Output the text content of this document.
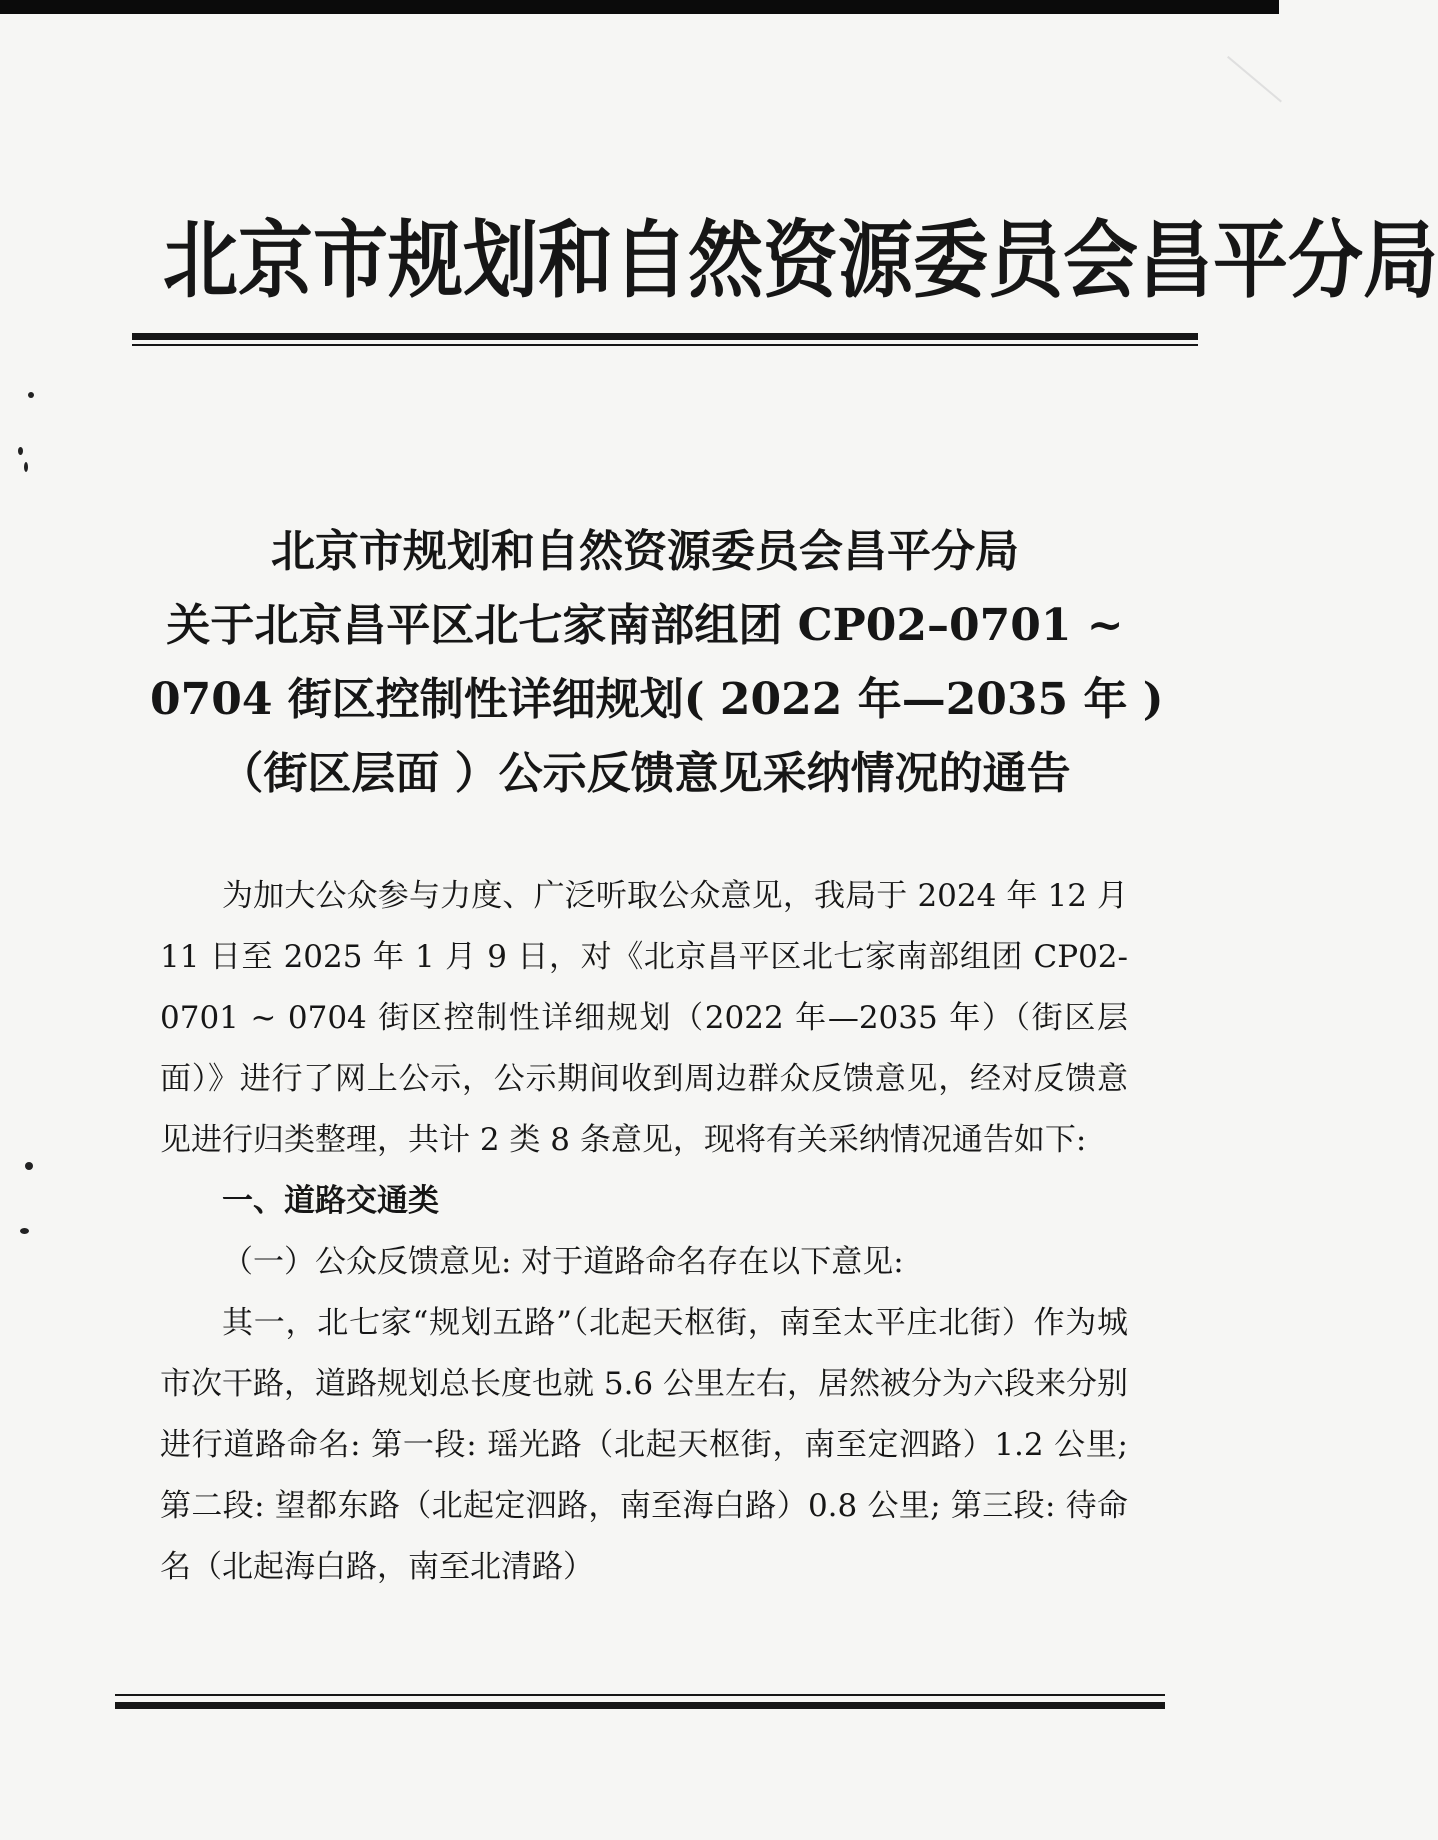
北京市规划和自然资源委员会昌平分局
北京市规划和自然资源委员会昌平分局
关于北京昌平区北七家南部组团 CP02–0701 ~
0704 街区控制性详细规划( 2022 年—2035 年 )
（街区层面 ）公示反馈意见采纳情况的通告

为加大公众参与力度、广泛听取公众意见，我局于 2024 年 12 月 11 日至 2025 年 1 月 9 日，对《北京昌平区北七家南部组团 CP02-0701 ~ 0704 街区控制性详细规划（2022 年—2035 年）（街区层面）》进行了网上公示，公示期间收到周边群众反馈意见，经对反馈意见进行归类整理，共计 2 类 8 条意见，现将有关采纳情况通告如下:

一、道路交通类

（一）公众反馈意见: 对于道路命名存在以下意见:

其一，北七家“规划五路”（北起天枢街，南至太平庄北街）作为城市次干路，道路规划总长度也就 5.6 公里左右，居然被分为六段来分别进行道路命名: 第一段: 瑶光路（北起天枢街，南至定泗路）1.2 公里; 第二段: 望都东路（北起定泗路，南至海白路）0.8 公里; 第三段: 待命名（北起海白路，南至北清路）
